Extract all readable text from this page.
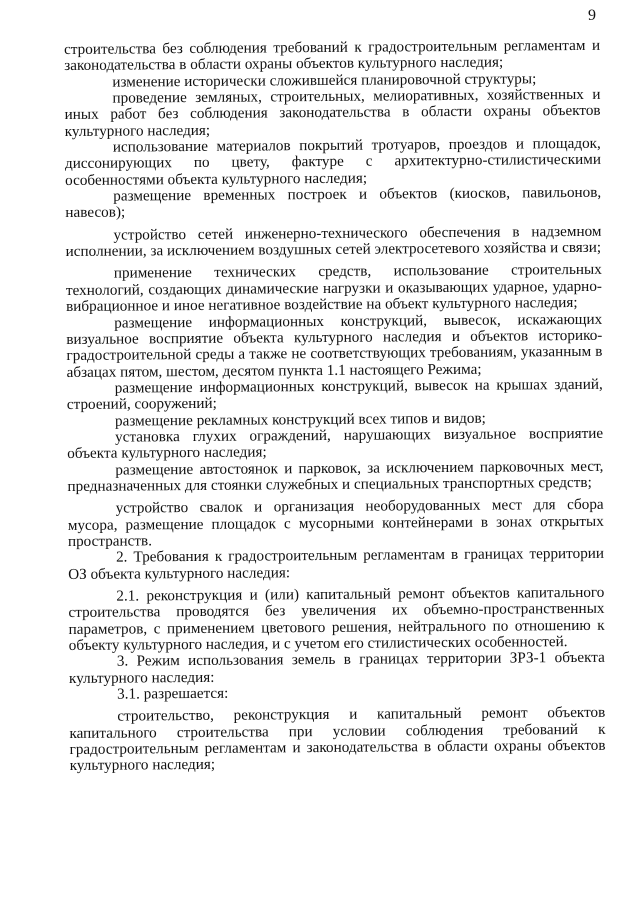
9

строительства без соблюдения требований к градостроительным регламентам и законодательства в области охраны объектов культурного наследия;

изменение исторически сложившейся планировочной структуры;

проведение земляных, строительных, мелиоративных, хозяйственных и иных работ без соблюдения законодательства в области охраны объектов культурного наследия;

использование материалов покрытий тротуаров, проездов и площадок, диссонирующих по цвету, фактуре с архитектурно-стилистическими особенностями объекта культурного наследия;

размещение временных построек и объектов (киосков, павильонов, навесов);

устройство сетей инженерно-технического обеспечения в надземном исполнении, за исключением воздушных сетей электросетевого хозяйства и связи;

применение технических средств, использование строительных технологий, создающих динамические нагрузки и оказывающих ударное, ударно-вибрационное и иное негативное воздействие на объект культурного наследия;

размещение информационных конструкций, вывесок, искажающих визуальное восприятие объекта культурного наследия и объектов историко-градостроительной среды а также не соответствующих требованиям, указанным в абзацах пятом, шестом, десятом пункта 1.1 настоящего Режима;

размещение информационных конструкций, вывесок на крышах зданий, строений, сооружений;

размещение рекламных конструкций всех типов и видов;

установка глухих ограждений, нарушающих визуальное восприятие объекта культурного наследия;

размещение автостоянок и парковок, за исключением парковочных мест, предназначенных для стоянки служебных и специальных транспортных средств;

устройство свалок и организация необорудованных мест для сбора мусора, размещение площадок с мусорными контейнерами в зонах открытых пространств.

2. Требования к градостроительным регламентам в границах территории ОЗ объекта культурного наследия:

2.1. реконструкция и (или) капитальный ремонт объектов капитального строительства проводятся без увеличения их объемно-пространственных параметров, с применением цветового решения, нейтрального по отношению к объекту культурного наследия, и с учетом его стилистических особенностей.

3. Режим использования земель в границах территории ЗРЗ-1 объекта культурного наследия:

3.1. разрешается:

строительство, реконструкция и капитальный ремонт объектов капитального строительства при условии соблюдения требований к градостроительным регламентам и законодательства в области охраны объектов культурного наследия;
